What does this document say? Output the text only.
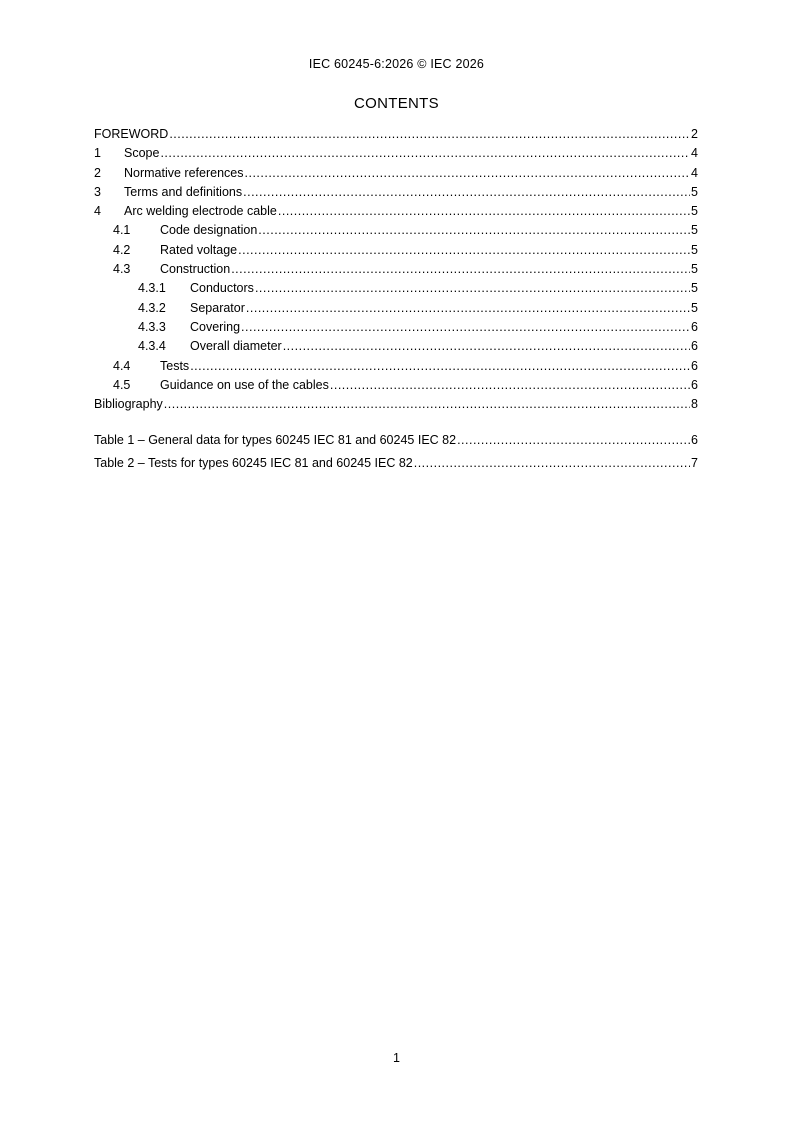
IEC 60245-6:2026 © IEC 2026
CONTENTS
FOREWORD .....	2
1	Scope .....	4
2	Normative references .....	4
3	Terms and definitions .....	5
4	Arc welding electrode cable .....	5
4.1	Code designation .....	5
4.2	Rated voltage .....	5
4.3	Construction .....	5
4.3.1	Conductors .....	5
4.3.2	Separator .....	5
4.3.3	Covering .....	6
4.3.4	Overall diameter .....	6
4.4	Tests .....	6
4.5	Guidance on use of the cables .....	6
Bibliography .....	8
Table 1 – General data for types 60245 IEC 81 and 60245 IEC 82 .....	6
Table 2 – Tests for types 60245 IEC 81 and 60245 IEC 82 .....	7
1
